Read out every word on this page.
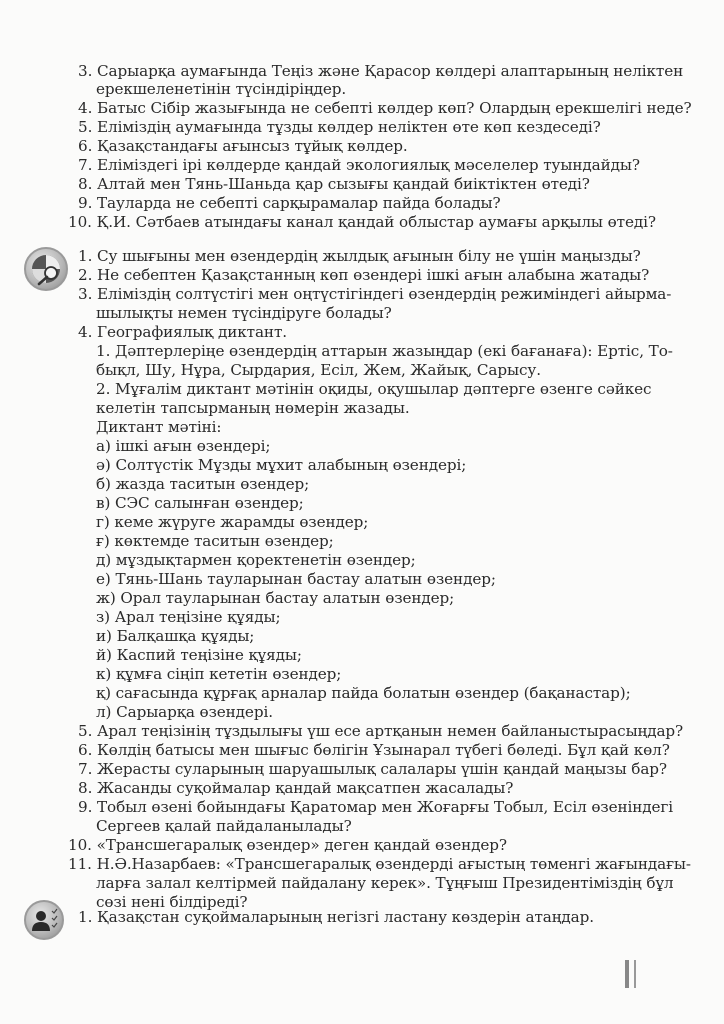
3. Сарыарқа аумағында Теңіз және Қарасор көлдері алаптарының неліктен
ерекшеленетінін түсіндіріңдер.
4. Батыс Сібір жазығында не себепті көлдер көп? Олардың ерекшелігі неде?
5. Еліміздің аумағында тұзды көлдер неліктен өте көп кездеседі?
6. Қазақстандағы ағынсыз тұйық көлдер.
7. Еліміздегі ірі көлдерде қандай экологиялық мәселелер туындайды?
8. Алтай мен Тянь-Шаньда қар сызығы қандай биіктіктен өтеді?
9. Тауларда не себепті сарқырамалар пайда болады?
10. Қ.И. Сәтбаев атындағы канал қандай облыстар аумағы арқылы өтеді?
1. Су шығыны мен өзендердің жылдық ағынын білу не үшін маңызды?
2. Не себептен Қазақстанның көп өзендері ішкі ағын алабына жатады?
3. Еліміздің солтүстігі мен оңтүстігіндегі өзендердің режиміндегі айырма-
шылықты немен түсіндіруге болады?
4. Географиялық диктант.
1. Дәптерлеріңе өзендердің аттарын жазыңдар (екі бағанаға): Ертіс, То-
бықл, Шу, Нұра, Сырдария, Есіл, Жем, Жайық, Сарысу.
2. Мұғалім диктант мәтінін оқиды, оқушылар дәптерге өзенге сәйкес
келетін тапсырманың нөмерін жазады.
Диктант мәтіні:
а) ішкі ағын өзендері;
ә) Солтүстік Мұзды мұхит алабының өзендері;
б) жазда таситын өзендер;
в) СЭС салынған өзендер;
г) кеме жүруге жарамды өзендер;
ғ) көктемде таситын өзендер;
д) мұздықтармен қоректенетін өзендер;
е) Тянь-Шань тауларынан бастау алатын өзендер;
ж) Орал тауларынан бастау алатын өзендер;
з) Арал теңізіне құяды;
и) Балқашқа құяды;
й) Каспий теңізіне құяды;
к) құмға сіңіп кететін өзендер;
қ) сағасында құрғақ арналар пайда болатын өзендер (бақанастар);
л) Сарыарқа өзендері.
5. Арал теңізінің тұздылығы үш есе артқанын немен байланыстырасыңдар?
6. Көлдің батысы мен шығыс бөлігін Ұзынарал түбегі бөледі. Бұл қай көл?
7. Жерасты суларының шаруашылық салалары үшін қандай маңызы бар?
8. Жасанды суқоймалар қандай мақсатпен жасалады?
9. Тобыл өзені бойындағы Қаратомар мен Жоғарғы Тобыл, Есіл өзеніндегі
Сергеев қалай пайдаланылады?
10. «Трансшегаралық өзендер» деген қандай өзендер?
11. Н.Ә.Назарбаев: «Трансшегаралық өзендерді ағыстың төменгі жағындағы-
ларға залал келтірмей пайдалану керек». Тұңғыш Президентіміздің бұл
сөзі нені білдіреді?
1. Қазақстан суқоймаларының негізгі ластану көздерін атаңдар.
